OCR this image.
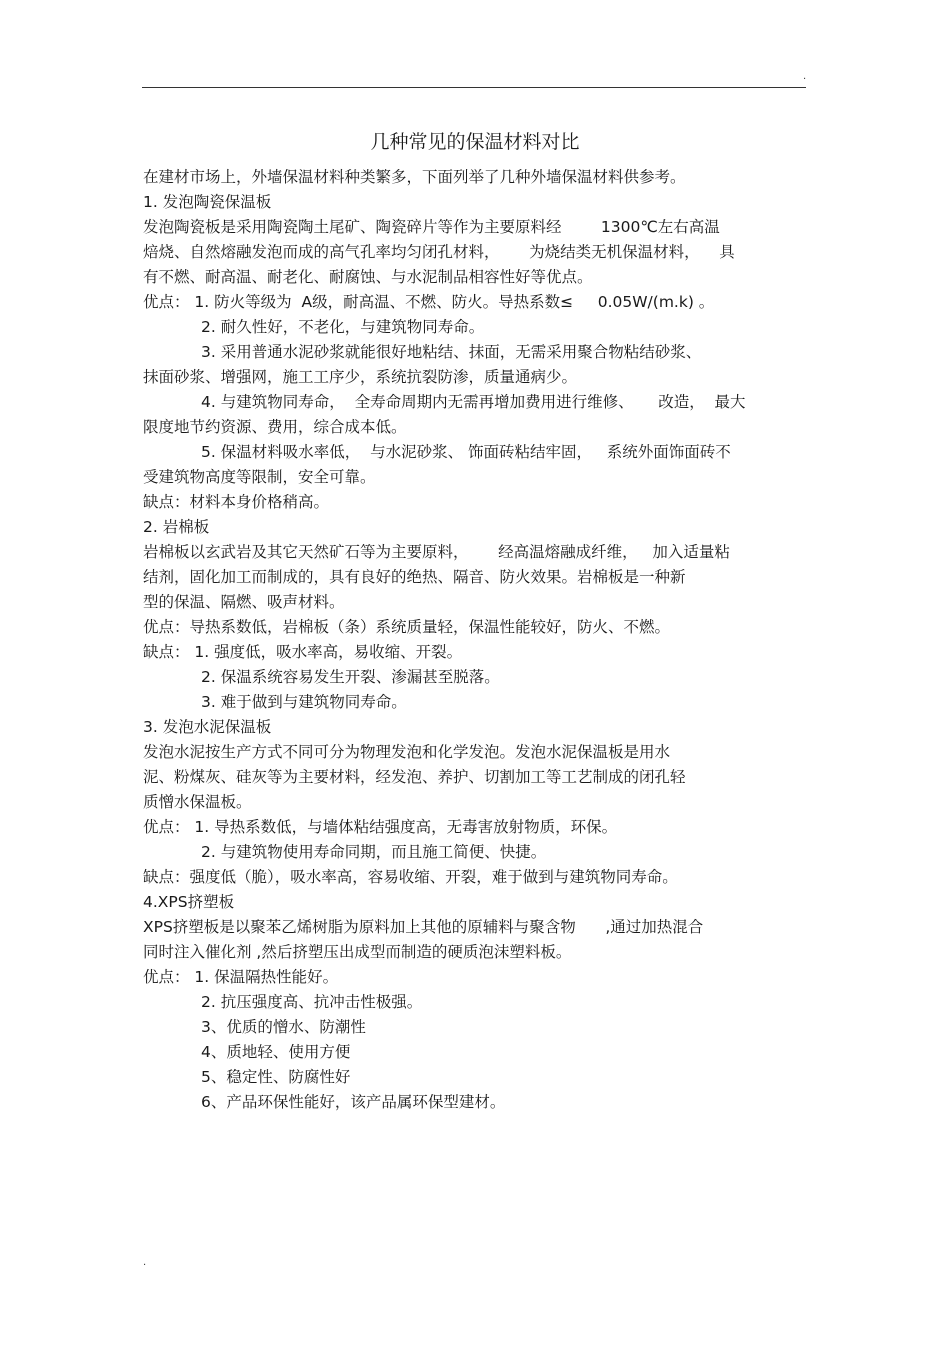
.
几种常见的保温材料对比
在建材市场上，外墙保温材料种类繁多，下面列举了几种外墙保温材料供参考。
1. 发泡陶瓷保温板
发泡陶瓷板是采用陶瓷陶土尾矿、陶瓷碎片等作为主要原料经        1300℃左右高温
焙烧、自然熔融发泡而成的高气孔率均匀闭孔材料，      为烧结类无机保温材料，    具
有不燃、耐高温、耐老化、耐腐蚀、与水泥制品相容性好等优点。
优点： 1. 防火等级为  A级，耐高温、不燃、防火。导热系数≤     0.05W/(m.k) 。
2. 耐久性好，不老化，与建筑物同寿命。
3. 采用普通水泥砂浆就能很好地粘结、抹面，无需采用聚合物粘结砂浆、
抹面砂浆、增强网，施工工序少，系统抗裂防渗，质量通病少。
4. 与建筑物同寿命，  全寿命周期内无需再增加费用进行维修、     改造，  最大
限度地节约资源、费用，综合成本低。
5. 保温材料吸水率低，  与水泥砂浆、 饰面砖粘结牢固，   系统外面饰面砖不
受建筑物高度等限制，安全可靠。
缺点：材料本身价格稍高。
2. 岩棉板
岩棉板以玄武岩及其它天然矿石等为主要原料，      经高温熔融成纤维，   加入适量粘
结剂，固化加工而制成的，具有良好的绝热、隔音、防火效果。岩棉板是一种新
型的保温、隔燃、吸声材料。
优点：导热系数低，岩棉板（条）系统质量轻，保温性能较好，防火、不燃。
缺点： 1. 强度低，吸水率高，易收缩、开裂。
2. 保温系统容易发生开裂、渗漏甚至脱落。
3. 难于做到与建筑物同寿命。
3. 发泡水泥保温板
发泡水泥按生产方式不同可分为物理发泡和化学发泡。发泡水泥保温板是用水
泥、粉煤灰、硅灰等为主要材料，经发泡、养护、切割加工等工艺制成的闭孔轻
质憎水保温板。
优点： 1. 导热系数低，与墙体粘结强度高，无毒害放射物质，环保。
2. 与建筑物使用寿命同期，而且施工简便、快捷。
缺点：强度低（脆），吸水率高，容易收缩、开裂，难于做到与建筑物同寿命。
4.XPS挤塑板
XPS挤塑板是以聚苯乙烯树脂为原料加上其他的原辅料与聚含物      ,通过加热混合
同时注入催化剂 ,然后挤塑压出成型而制造的硬质泡沫塑料板。
优点： 1. 保温隔热性能好。
2. 抗压强度高、抗冲击性极强。
3、优质的憎水、防潮性
4、质地轻、使用方便
5、稳定性、防腐性好
6、产品环保性能好，该产品属环保型建材。
.
